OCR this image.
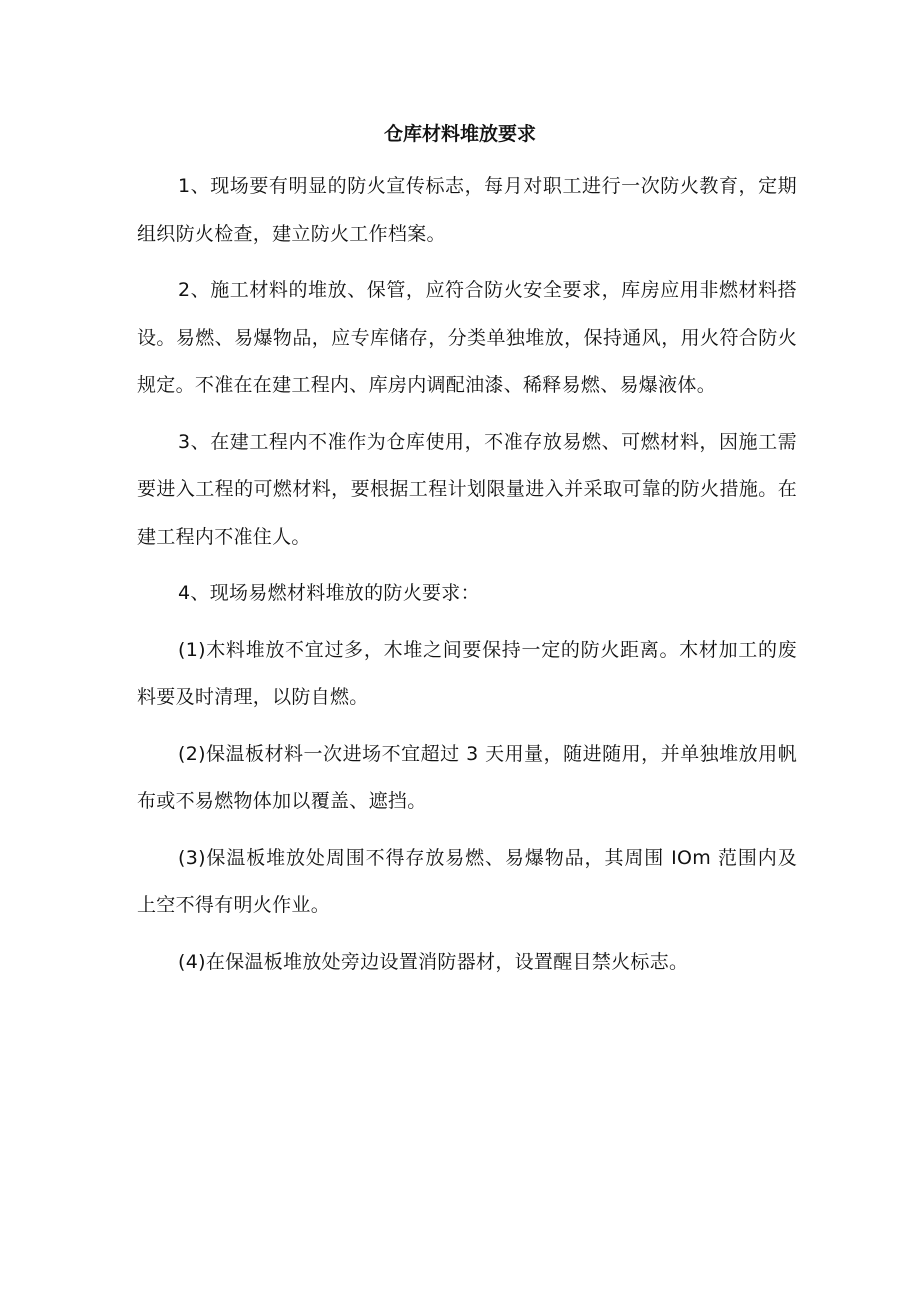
仓库材料堆放要求

1、现场要有明显的防火宣传标志，每月对职工进行一次防火教育，定期组织防火检查，建立防火工作档案。

2、施工材料的堆放、保管，应符合防火安全要求，库房应用非燃材料搭设。易燃、易爆物品，应专库储存，分类单独堆放，保持通风，用火符合防火规定。不准在在建工程内、库房内调配油漆、稀释易燃、易爆液体。

3、在建工程内不准作为仓库使用，不准存放易燃、可燃材料，因施工需要进入工程的可燃材料，要根据工程计划限量进入并采取可靠的防火措施。在建工程内不准住人。

4、现场易燃材料堆放的防火要求：

(1)木料堆放不宜过多，木堆之间要保持一定的防火距离。木材加工的废料要及时清理，以防自燃。

(2)保温板材料一次进场不宜超过 3 天用量，随进随用，并单独堆放用帆布或不易燃物体加以覆盖、遮挡。

(3)保温板堆放处周围不得存放易燃、易爆物品，其周围 IOm 范围内及上空不得有明火作业。

(4)在保温板堆放处旁边设置消防器材，设置醒目禁火标志。
